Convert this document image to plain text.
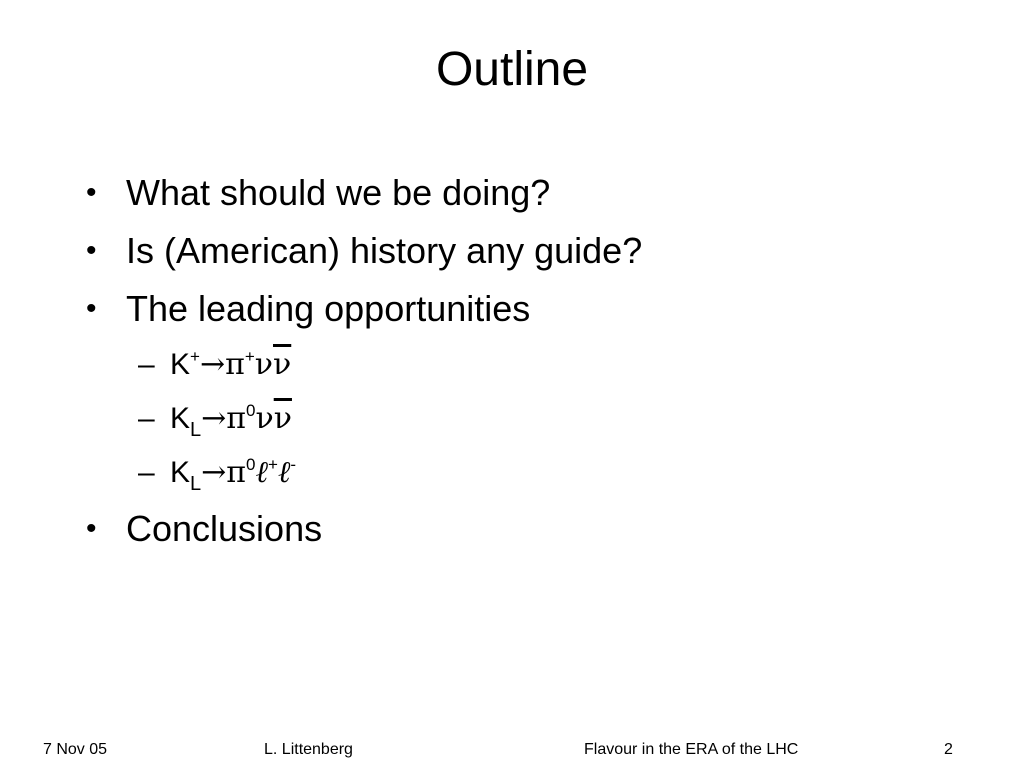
Outline
• What should we be doing?
• Is (American) history any guide?
• The leading opportunities
– $K^+\to\pi^+\nu\overline{\nu}$
– $K_L\to\pi^0\nu\overline{\nu}$
– $K_L\to\pi^0\ell^+\ell^-$
• Conclusions
7 Nov 05	L. Littenberg	Flavour in the ERA of the LHC	2
